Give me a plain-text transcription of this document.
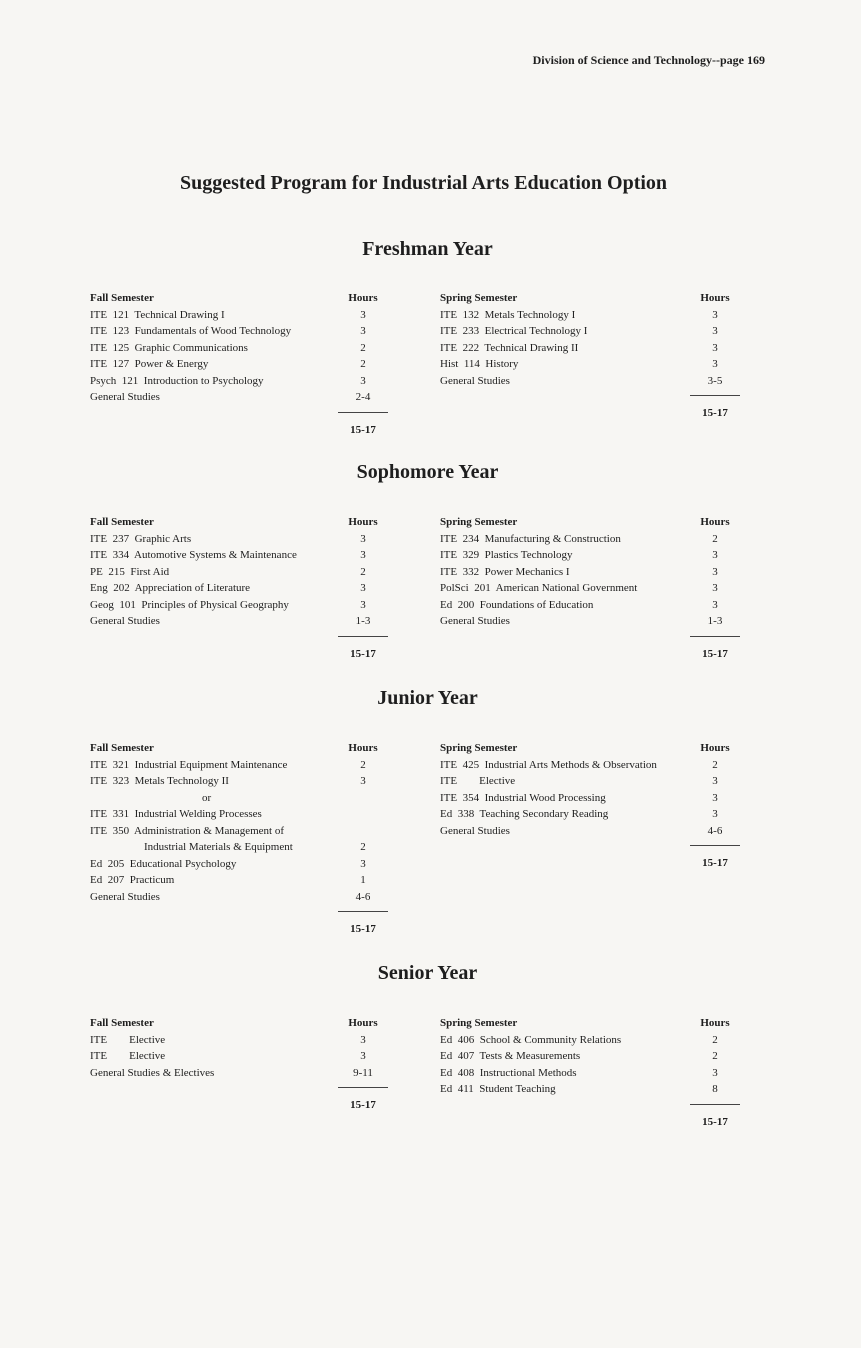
Division of Science and Technology--page 169
Suggested Program for Industrial Arts Education Option
Freshman Year
Fall Semester	Hours
ITE  121  Technical Drawing I	3
ITE  123  Fundamentals of Wood Technology	3
ITE  125  Graphic Communications	2
ITE  127  Power & Energy	2
Psych  121  Introduction to Psychology	3
General Studies	2-4
15-17
Spring Semester	Hours
ITE  132  Metals Technology I	3
ITE  233  Electrical Technology I	3
ITE  222  Technical Drawing II	3
Hist  114  History	3
General Studies	3-5
15-17
Sophomore Year
Fall Semester	Hours
ITE  237  Graphic Arts	3
ITE  334  Automotive Systems & Maintenance	3
PE  215  First Aid	2
Eng  202  Appreciation of Literature	3
Geog  101  Principles of Physical Geography	3
General Studies	1-3
15-17
Spring Semester	Hours
ITE  234  Manufacturing & Construction	2
ITE  329  Plastics Technology	3
ITE  332  Power Mechanics I	3
PolSci  201  American National Government	3
Ed  200  Foundations of Education	3
General Studies	1-3
15-17
Junior Year
Fall Semester	Hours
ITE  321  Industrial Equipment Maintenance	2
ITE  323  Metals Technology II	3
or
ITE  331  Industrial Welding Processes
ITE  350  Administration & Management of
Industrial Materials & Equipment	2
Ed  205  Educational Psychology	3
Ed  207  Practicum	1
General Studies	4-6
15-17
Spring Semester	Hours
ITE  425  Industrial Arts Methods & Observation	2
ITE        Elective	3
ITE  354  Industrial Wood Processing	3
Ed  338  Teaching Secondary Reading	3
General Studies	4-6
15-17
Senior Year
Fall Semester	Hours
ITE        Elective	3
ITE        Elective	3
General Studies & Electives	9-11
15-17
Spring Semester	Hours
Ed  406  School & Community Relations	2
Ed  407  Tests & Measurements	2
Ed  408  Instructional Methods	3
Ed  411  Student Teaching	8
15-17
